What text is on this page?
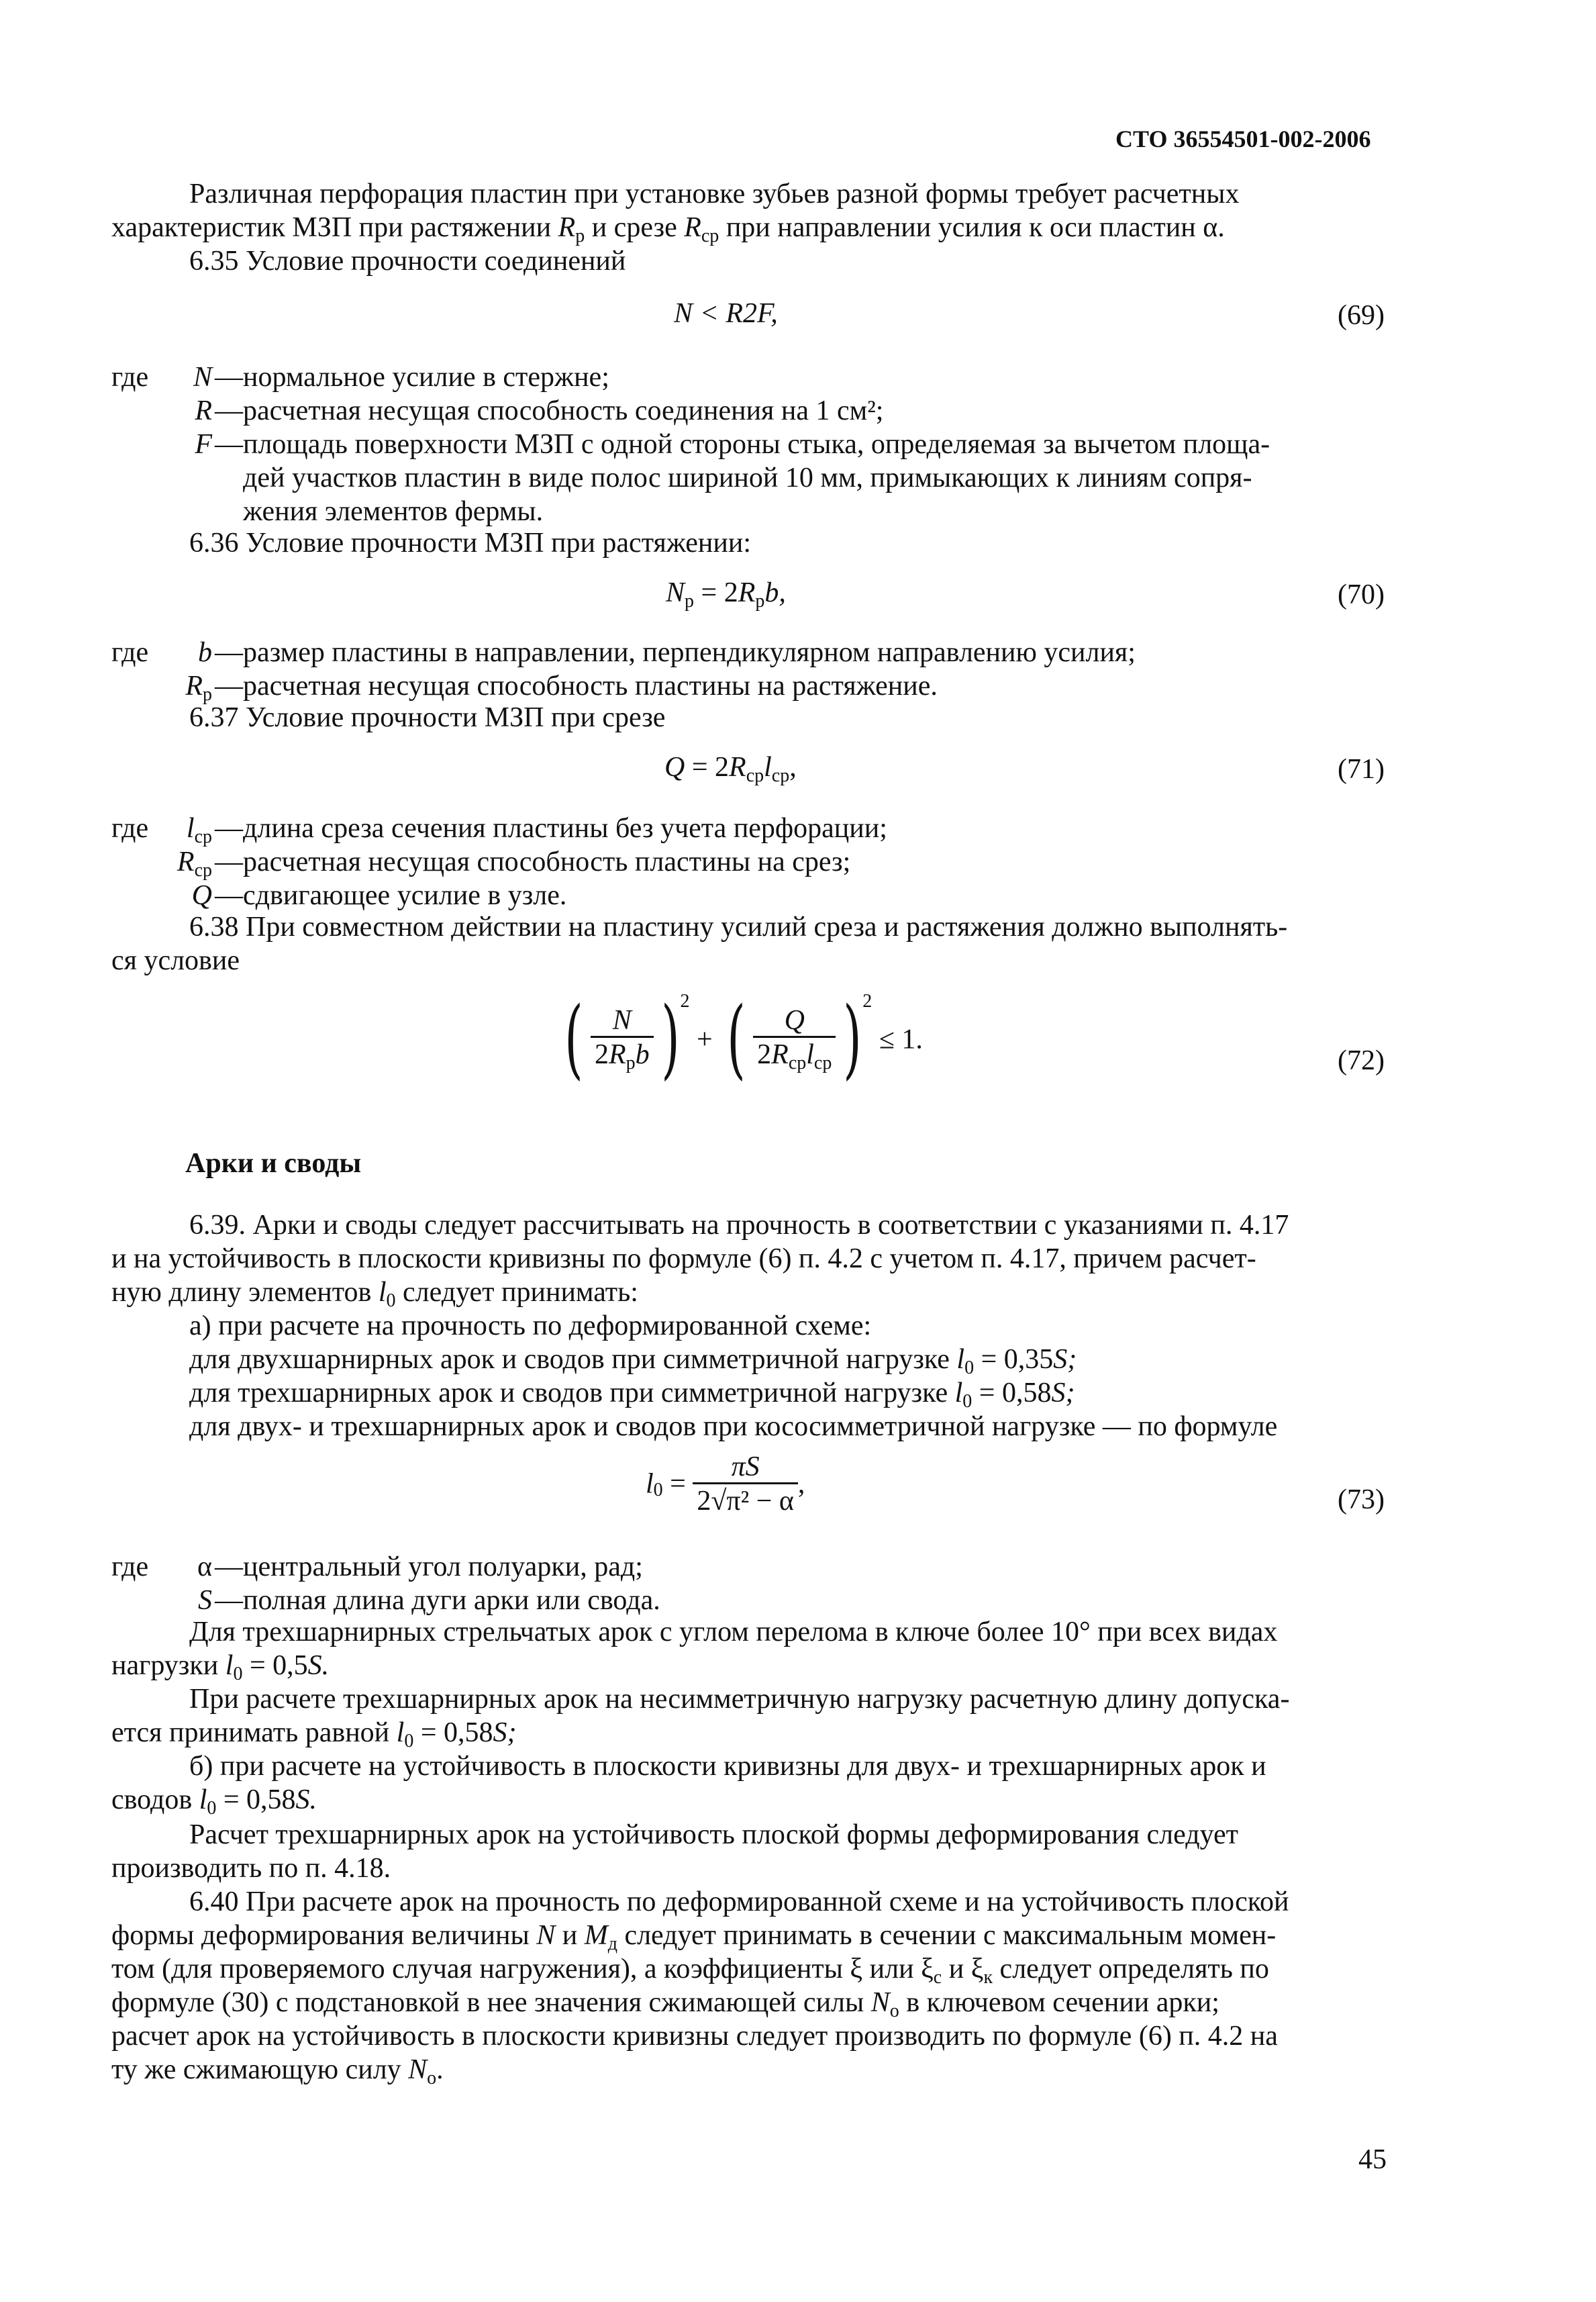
СТО 36554501-002-2006
Различная перфорация пластин при установке зубьев разной формы требует расчетных
характеристик МЗП при растяжении $R_р$ и срезе $R_{ср}$ при направлении усилия к оси пластин α.
6.35 Условие прочности соединений
N < R2F,	(69)
где	N — нормальное усилие в стержне;
R — расчетная несущая способность соединения на 1 см²;
F — площадь поверхности МЗП с одной стороны стыка, определяемая за вычетом площа-
дей участков пластин в виде полос шириной 10 мм, примыкающих к линиям сопря-
жения элементов фермы.
6.36 Условие прочности МЗП при растяжении:
$N_р = 2R_рb$,	(70)
где	b — размер пластины в направлении, перпендикулярном направлению усилия;
$R_р$ — расчетная несущая способность пластины на растяжение.
6.37 Условие прочности МЗП при срезе
$Q = 2R_{ср}l_{ср}$,	(71)
где	$l_{ср}$ — длина среза сечения пластины без учета перфорации;
$R_{ср}$ — расчетная несущая способность пластины на срез;
Q — сдвигающее усилие в узле.
6.38 При совместном действии на пластину усилий среза и растяжения должно выполнять-
ся условие
( $\frac{N}{2R_рb} )^2$ + ( $\frac{Q}{2R_{ср}l_{ср}} )^2 \le 1$.
(72)
Арки и своды
6.39. Арки и своды следует рассчитывать на прочность в соответствии с указаниями п. 4.17
и на устойчивость в плоскости кривизны по формуле (6) п. 4.2 с учетом п. 4.17, причем расчет-
ную длину элементов $l_0$ следует принимать:
а) при расчете на прочность по деформированной схеме:
для двухшарнирных арок и сводов при симметричной нагрузке $l_0 = 0,35S$;
для трехшарнирных арок и сводов при симметричной нагрузке $l_0 = 0,58S$;
для двух- и трехшарнирных арок и сводов при кососимметричной нагрузке — по формуле
$l_0 = \frac{\pi S}{\text{2√π² − α}}$ ,
(73)
где	α — центральный угол полуарки, рад;
S — полная длина дуги арки или свода.
Для трехшарнирных стрельчатых арок с углом перелома в ключе более 10° при всех видах
нагрузки $l_0 = 0,5S$.
При расчете трехшарнирных арок на несимметричную нагрузку расчетную длину допуска-
ется принимать равной $l_0 = 0,58S$;
б) при расчете на устойчивость в плоскости кривизны для двух- и трехшарнирных арок и
сводов $l_0 = 0,58S$.
Расчет трехшарнирных арок на устойчивость плоской формы деформирования следует
производить по п. 4.18.
6.40 При расчете арок на прочность по деформированной схеме и на устойчивость плоской
формы деформирования величины N и $M_д$ следует принимать в сечении с максимальным момен-
том (для проверяемого случая нагружения), а коэффициенты ξ или $\xi_с$ и $\xi_к$ следует определять по
формуле (30) с подстановкой в нее значения сжимающей силы $N_о$ в ключевом сечении арки;
расчет арок на устойчивость в плоскости кривизны следует производить по формуле (6) п. 4.2 на
ту же сжимающую силу $N_о$.
45
